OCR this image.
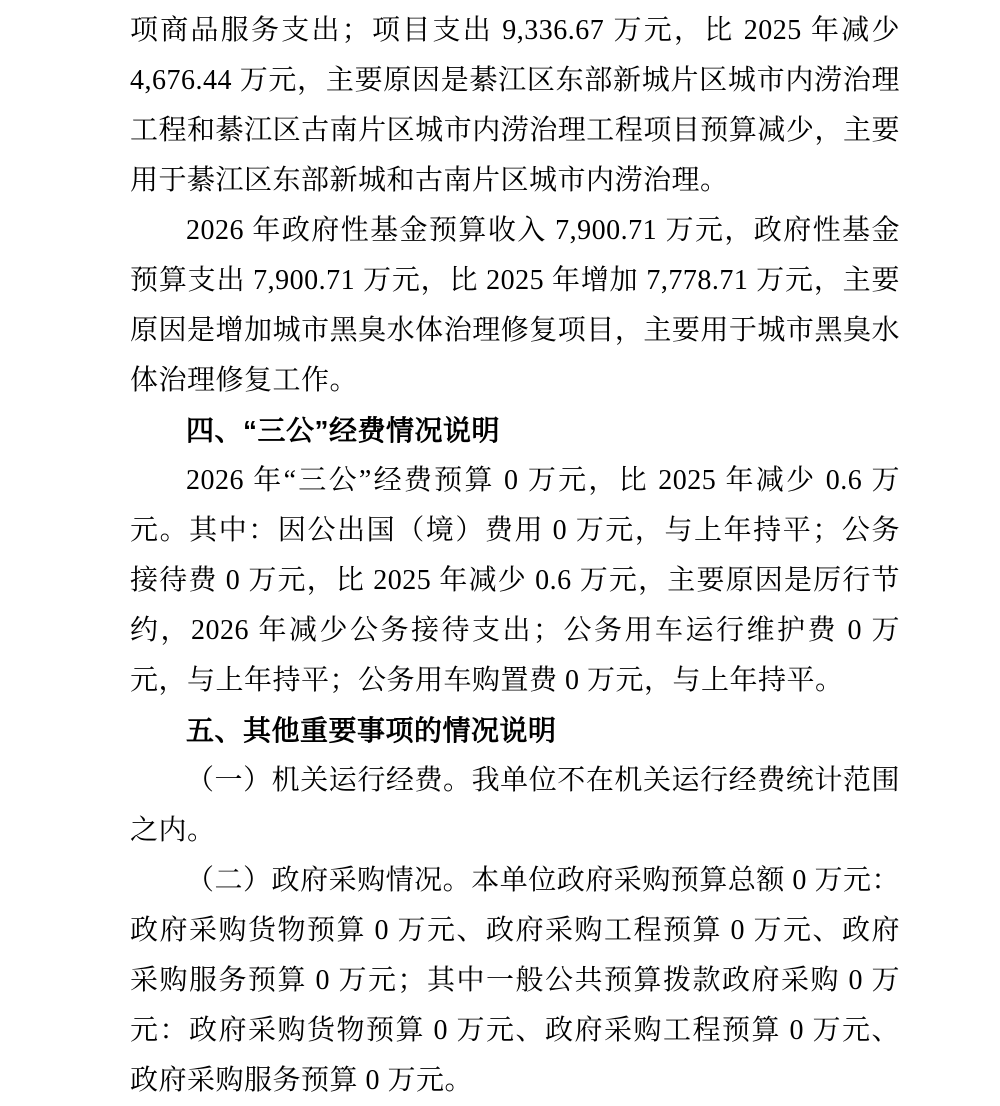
项商品服务支出；项目支出 9,336.67 万元，比 2025 年减少 4,676.44 万元，主要原因是綦江区东部新城片区城市内涝治理工程和綦江区古南片区城市内涝治理工程项目预算减少，主要用于綦江区东部新城和古南片区城市内涝治理。

2026 年政府性基金预算收入 7,900.71 万元，政府性基金预算支出 7,900.71 万元，比 2025 年增加 7,778.71 万元，主要原因是增加城市黑臭水体治理修复项目，主要用于城市黑臭水体治理修复工作。

四、“三公”经费情况说明

2026 年“三公”经费预算 0 万元，比 2025 年减少 0.6 万元。其中：因公出国（境）费用 0 万元，与上年持平；公务接待费 0 万元，比 2025 年减少 0.6 万元，主要原因是厉行节约，2026 年减少公务接待支出；公务用车运行维护费 0 万元，与上年持平；公务用车购置费 0 万元，与上年持平。

五、其他重要事项的情况说明

（一）机关运行经费。我单位不在机关运行经费统计范围之内。

（二）政府采购情况。本单位政府采购预算总额 0 万元：政府采购货物预算 0 万元、政府采购工程预算 0 万元、政府采购服务预算 0 万元；其中一般公共预算拨款政府采购 0 万元：政府采购货物预算 0 万元、政府采购工程预算 0 万元、政府采购服务预算 0 万元。
